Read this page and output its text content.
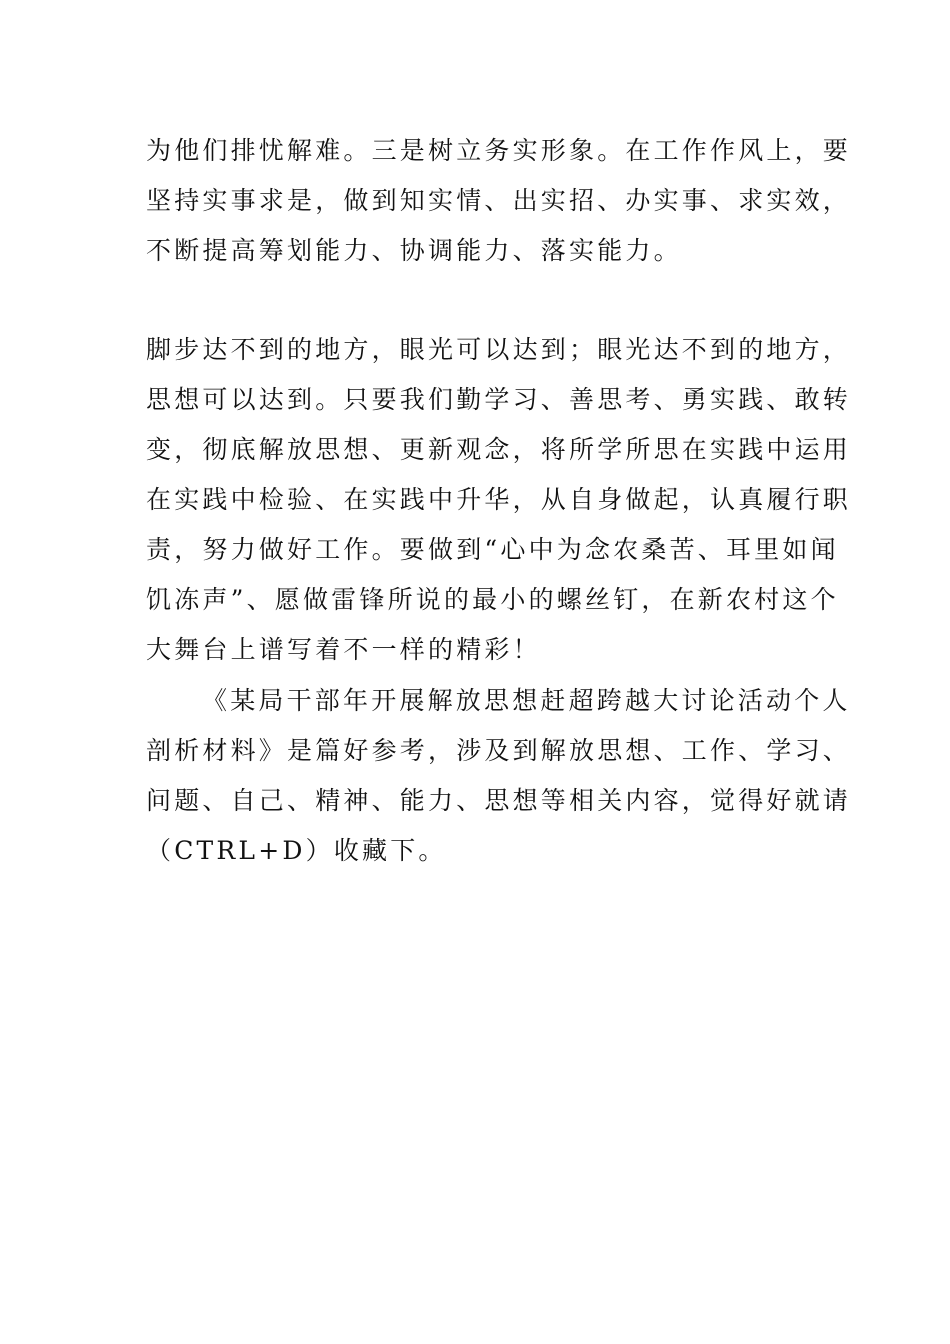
为他们排忧解难。三是树立务实形象。在工作作风上，要
坚持实事求是，做到知实情、出实招、办实事、求实效，
不断提高筹划能力、协调能力、落实能力。
脚步达不到的地方，眼光可以达到；眼光达不到的地方，
思想可以达到。只要我们勤学习、善思考、勇实践、敢转
变，彻底解放思想、更新观念，将所学所思在实践中运用
在实践中检验、在实践中升华，从自身做起，认真履行职
责，努力做好工作。要做到“心中为念农桑苦、耳里如闻
饥冻声”、愿做雷锋所说的最小的螺丝钉，在新农村这个
大舞台上谱写着不一样的精彩！
《某局干部年开展解放思想赶超跨越大讨论活动个人
剖析材料》是篇好参考，涉及到解放思想、工作、学习、
问题、自己、精神、能力、思想等相关内容，觉得好就请
（CTRL+D）收藏下。
